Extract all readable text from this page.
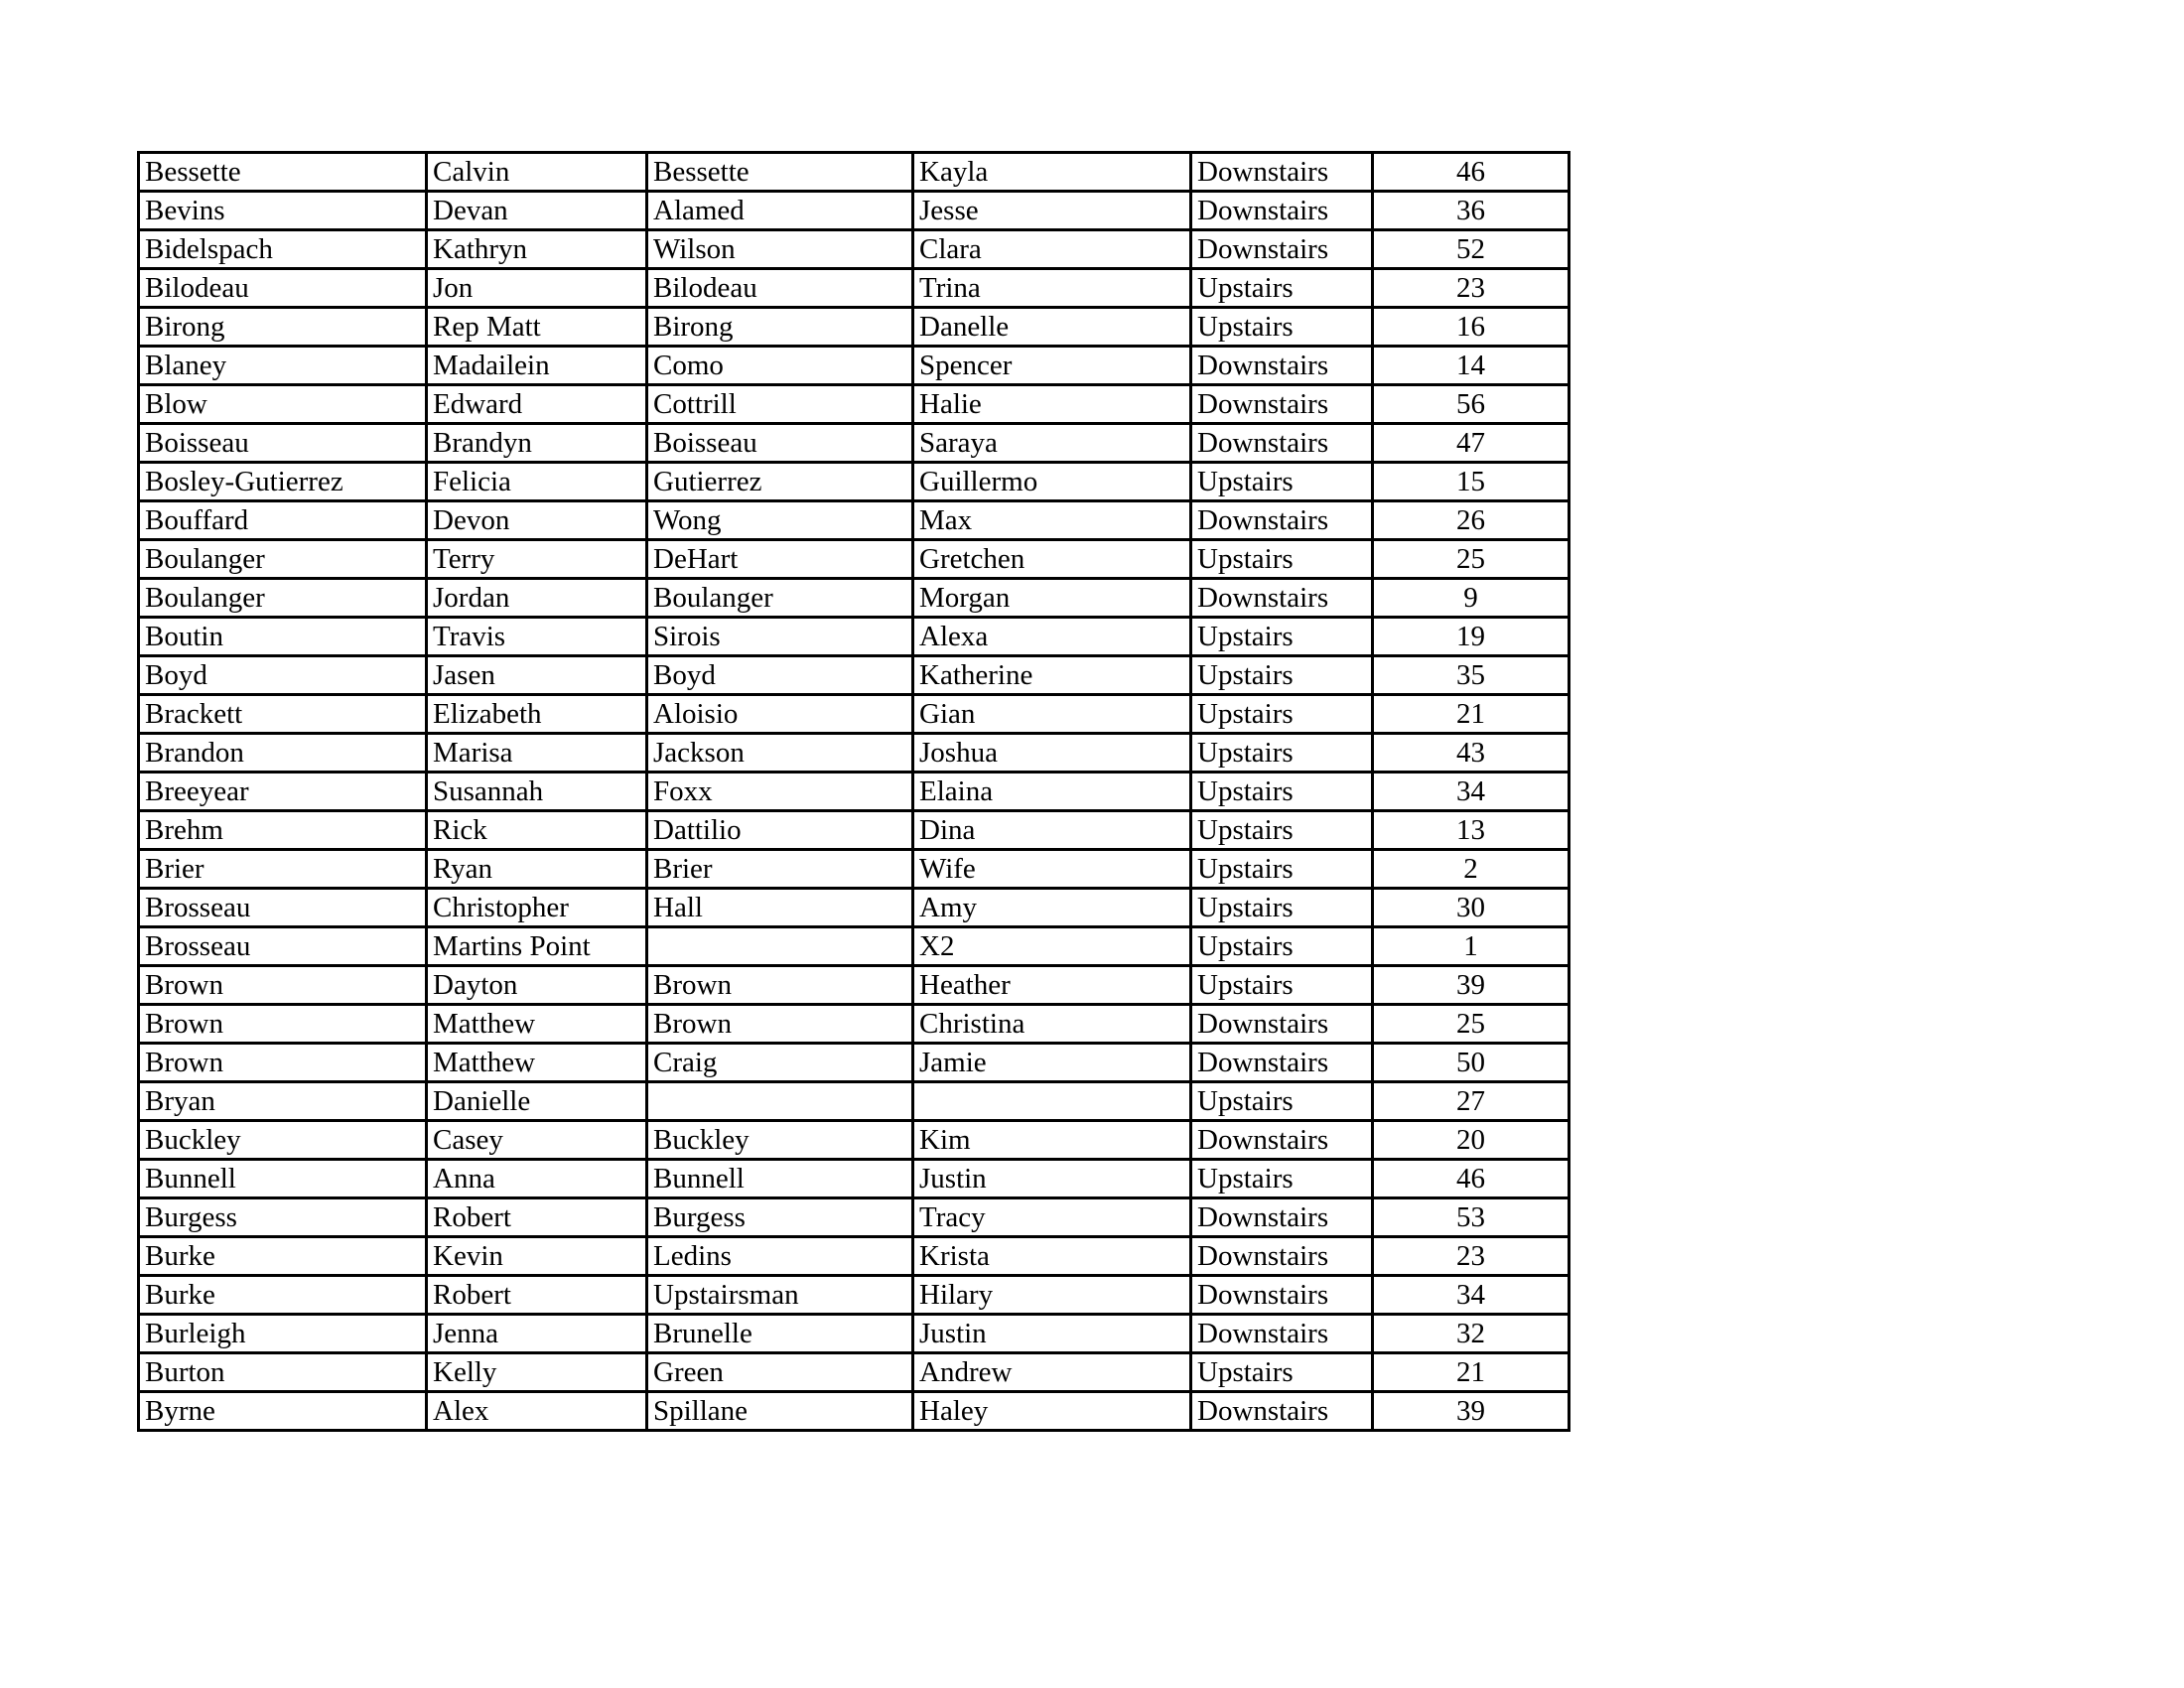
Bessette	Calvin	Bessette	Kayla	Downstairs	46
Bevins	Devan	Alamed	Jesse	Downstairs	36
Bidelspach	Kathryn	Wilson	Clara	Downstairs	52
Bilodeau	Jon	Bilodeau	Trina	Upstairs	23
Birong	Rep Matt	Birong	Danelle	Upstairs	16
Blaney	Madailein	Como	Spencer	Downstairs	14
Blow	Edward	Cottrill	Halie	Downstairs	56
Boisseau	Brandyn	Boisseau	Saraya	Downstairs	47
Bosley-Gutierrez	Felicia	Gutierrez	Guillermo	Upstairs	15
Bouffard	Devon	Wong	Max	Downstairs	26
Boulanger	Terry	DeHart	Gretchen	Upstairs	25
Boulanger	Jordan	Boulanger	Morgan	Downstairs	9
Boutin	Travis	Sirois	Alexa	Upstairs	19
Boyd	Jasen	Boyd	Katherine	Upstairs	35
Brackett	Elizabeth	Aloisio	Gian	Upstairs	21
Brandon	Marisa	Jackson	Joshua	Upstairs	43
Breeyear	Susannah	Foxx	Elaina	Upstairs	34
Brehm	Rick	Dattilio	Dina	Upstairs	13
Brier	Ryan	Brier	Wife	Upstairs	2
Brosseau	Christopher	Hall	Amy	Upstairs	30
Brosseau	Martins Point		X2	Upstairs	1
Brown	Dayton	Brown	Heather	Upstairs	39
Brown	Matthew	Brown	Christina	Downstairs	25
Brown	Matthew	Craig	Jamie	Downstairs	50
Bryan	Danielle			Upstairs	27
Buckley	Casey	Buckley	Kim	Downstairs	20
Bunnell	Anna	Bunnell	Justin	Upstairs	46
Burgess	Robert	Burgess	Tracy	Downstairs	53
Burke	Kevin	Ledins	Krista	Downstairs	23
Burke	Robert	Upstairsman	Hilary	Downstairs	34
Burleigh	Jenna	Brunelle	Justin	Downstairs	32
Burton	Kelly	Green	Andrew	Upstairs	21
Byrne	Alex	Spillane	Haley	Downstairs	39
